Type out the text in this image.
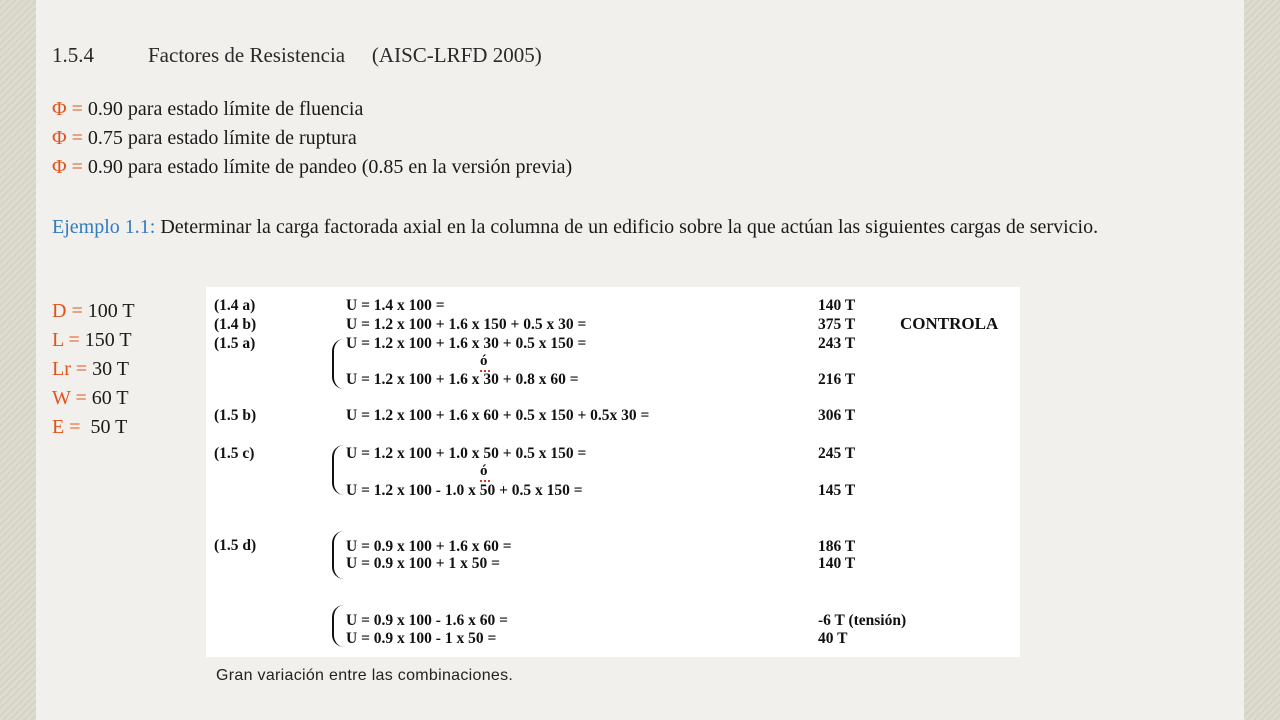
1.5.4	Factores de Resistencia (AISC-LRFD 2005)
Φ = 0.90 para estado límite de fluencia
Φ = 0.75 para estado límite de ruptura
Φ = 0.90 para estado límite de pandeo (0.85 en la versión previa)
Ejemplo 1.1: Determinar la carga factorada axial en la columna de un edificio sobre la que actúan las siguientes cargas de servicio.
D = 100 T
L = 150 T
Lr = 30 T
W = 60 T
E =  50 T
(1.4 a)	U = 1.4 x 100 =	140 T
(1.4 b)	U = 1.2 x 100 + 1.6 x 150 + 0.5 x 30 =	375 T	CONTROLA
(1.5 a)	U = 1.2 x 100 + 1.6 x 30 + 0.5 x 150 =	243 T
ó
U = 1.2 x 100 + 1.6 x 30 + 0.8 x 60 =	216 T
(1.5 b)	U = 1.2 x 100 + 1.6 x 60 + 0.5 x 150 + 0.5x 30 =	306 T
(1.5 c)	U = 1.2 x 100 + 1.0 x 50 + 0.5 x 150 =	245 T
ó
U = 1.2 x 100 - 1.0 x 50 + 0.5 x 150 =	145 T
(1.5 d)	U = 0.9 x 100 + 1.6 x 60 =	186 T
U = 0.9 x 100 + 1 x 50 =	140 T
U = 0.9 x 100 - 1.6 x 60 =	-6 T (tensión)
U = 0.9 x 100 - 1 x 50 =	40 T
Gran variación entre las combinaciones.
